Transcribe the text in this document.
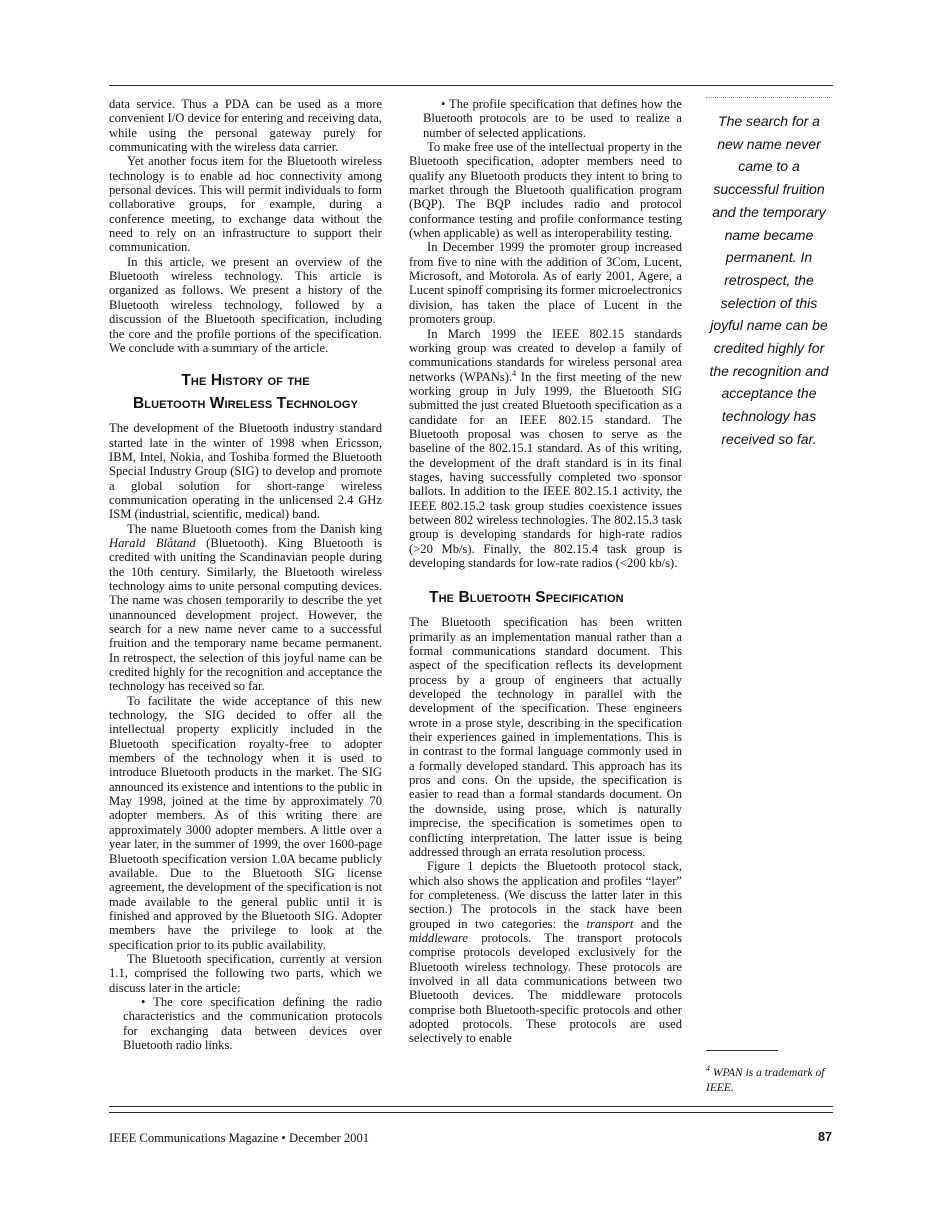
data service. Thus a PDA can be used as a more convenient I/O device for entering and receiving data, while using the personal gateway purely for communicating with the wireless data carrier.

Yet another focus item for the Bluetooth wireless technology is to enable ad hoc connectivity among personal devices. This will permit individuals to form collaborative groups, for example, during a conference meeting, to exchange data without the need to rely on an infrastructure to support their communication.

In this article, we present an overview of the Bluetooth wireless technology. This article is organized as follows. We present a history of the Bluetooth wireless technology, followed by a discussion of the Bluetooth specification, including the core and the profile portions of the specification. We conclude with a summary of the article.

The History of the
Bluetooth Wireless Technology

The development of the Bluetooth industry standard started late in the winter of 1998 when Ericsson, IBM, Intel, Nokia, and Toshiba formed the Bluetooth Special Industry Group (SIG) to develop and promote a global solution for short-range wireless communication operating in the unlicensed 2.4 GHz ISM (industrial, scientific, medical) band.

The name Bluetooth comes from the Danish king Harald Blåtand (Bluetooth). King Bluetooth is credited with uniting the Scandinavian people during the 10th century. Similarly, the Bluetooth wireless technology aims to unite personal computing devices. The name was chosen temporarily to describe the yet unannounced development project. However, the search for a new name never came to a successful fruition and the temporary name became permanent. In retrospect, the selection of this joyful name can be credited highly for the recognition and acceptance the technology has received so far.

To facilitate the wide acceptance of this new technology, the SIG decided to offer all the intellectual property explicitly included in the Bluetooth specification royalty-free to adopter members of the technology when it is used to introduce Bluetooth products in the market. The SIG announced its existence and intentions to the public in May 1998, joined at the time by approximately 70 adopter members. As of this writing there are approximately 3000 adopter members. A little over a year later, in the summer of 1999, the over 1600-page Bluetooth specification version 1.0A became publicly available. Due to the Bluetooth SIG license agreement, the development of the specification is not made available to the general public until it is finished and approved by the Bluetooth SIG. Adopter members have the privilege to look at the specification prior to its public availability.

The Bluetooth specification, currently at version 1.1, comprised the following two parts, which we discuss later in the article:

• The core specification defining the radio characteristics and the communication protocols for exchanging data between devices over Bluetooth radio links.

• The profile specification that defines how the Bluetooth protocols are to be used to realize a number of selected applications.

To make free use of the intellectual property in the Bluetooth specification, adopter members need to qualify any Bluetooth products they intent to bring to market through the Bluetooth qualification program (BQP). The BQP includes radio and protocol conformance testing and profile conformance testing (when applicable) as well as interoperability testing.

In December 1999 the promoter group increased from five to nine with the addition of 3Com, Lucent, Microsoft, and Motorola. As of early 2001, Agere, a Lucent spinoff comprising its former microelectronics division, has taken the place of Lucent in the promoters group.

In March 1999 the IEEE 802.15 standards working group was created to develop a family of communications standards for wireless personal area networks (WPANs).$^4$ In the first meeting of the new working group in July 1999, the Bluetooth SIG submitted the just created Bluetooth specification as a candidate for an IEEE 802.15 standard. The Bluetooth proposal was chosen to serve as the baseline of the 802.15.1 standard. As of this writing, the development of the draft standard is in its final stages, having successfully completed two sponsor ballots. In addition to the IEEE 802.15.1 activity, the IEEE 802.15.2 task group studies coexistence issues between 802 wireless technologies. The 802.15.3 task group is developing standards for high-rate radios (>20 Mb/s). Finally, the 802.15.4 task group is developing standards for low-rate radios (<200 kb/s).

The Bluetooth Specification

The Bluetooth specification has been written primarily as an implementation manual rather than a formal communications standard document. This aspect of the specification reflects its development process by a group of engineers that actually developed the technology in parallel with the development of the specification. These engineers wrote in a prose style, describing in the specification their experiences gained in implementations. This is in contrast to the formal language commonly used in a formally developed standard. This approach has its pros and cons. On the upside, the specification is easier to read than a formal standards document. On the downside, using prose, which is naturally imprecise, the specification is sometimes open to conflicting interpretation. The latter issue is being addressed through an errata resolution process.

Figure 1 depicts the Bluetooth protocol stack, which also shows the application and profiles “layer” for completeness. (We discuss the latter later in this section.) The protocols in the stack have been grouped in two categories: the transport and the middleware protocols. The transport protocols comprise protocols developed exclusively for the Bluetooth wireless technology. These protocols are involved in all data communications between two Bluetooth devices. The middleware protocols comprise both Bluetooth-specific protocols and other adopted protocols. These protocols are used selectively to enable

The search for a new name never came to a successful fruition and the temporary name became permanent. In retrospect, the selection of this joyful name can be credited highly for the recognition and acceptance the technology has received so far.
$^4$ WPAN is a trademark of IEEE.
IEEE Communications Magazine • December 2001	87
